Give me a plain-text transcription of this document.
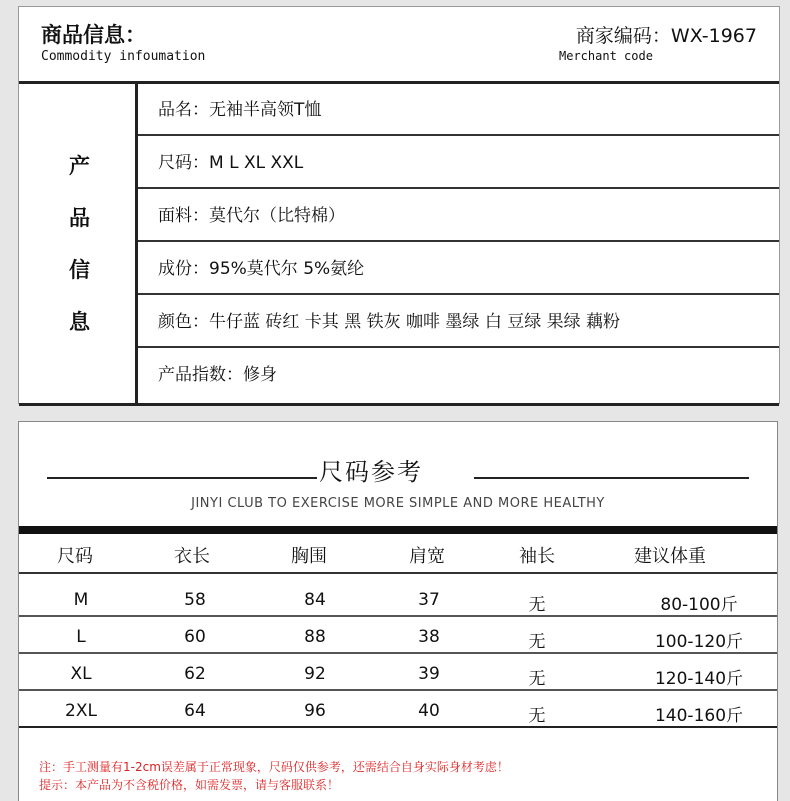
商品信息：
Commodity infoumation
商家编码：WX-1967
Merchant code
产
品
信
息
品名：无袖半高领T恤
尺码：M L XL XXL
面料：莫代尔（比特棉）
成份：95%莫代尔 5%氨纶
颜色：牛仔蓝 砖红 卡其 黑 铁灰 咖啡 墨绿 白 豆绿 果绿 藕粉
产品指数：修身
尺码参考
JINYI CLUB TO EXERCISE MORE SIMPLE AND MORE HEALTHY
尺码	衣长	胸围	肩宽	袖长	建议体重
M	58	84	37	无	80-100斤
L	60	88	38	无	100-120斤
XL	62	92	39	无	120-140斤
2XL	64	96	40	无	140-160斤
注：手工测量有1-2cm误差属于正常现象，尺码仅供参考，还需结合自身实际身材考虑！
提示：本产品为不含税价格，如需发票，请与客服联系！
